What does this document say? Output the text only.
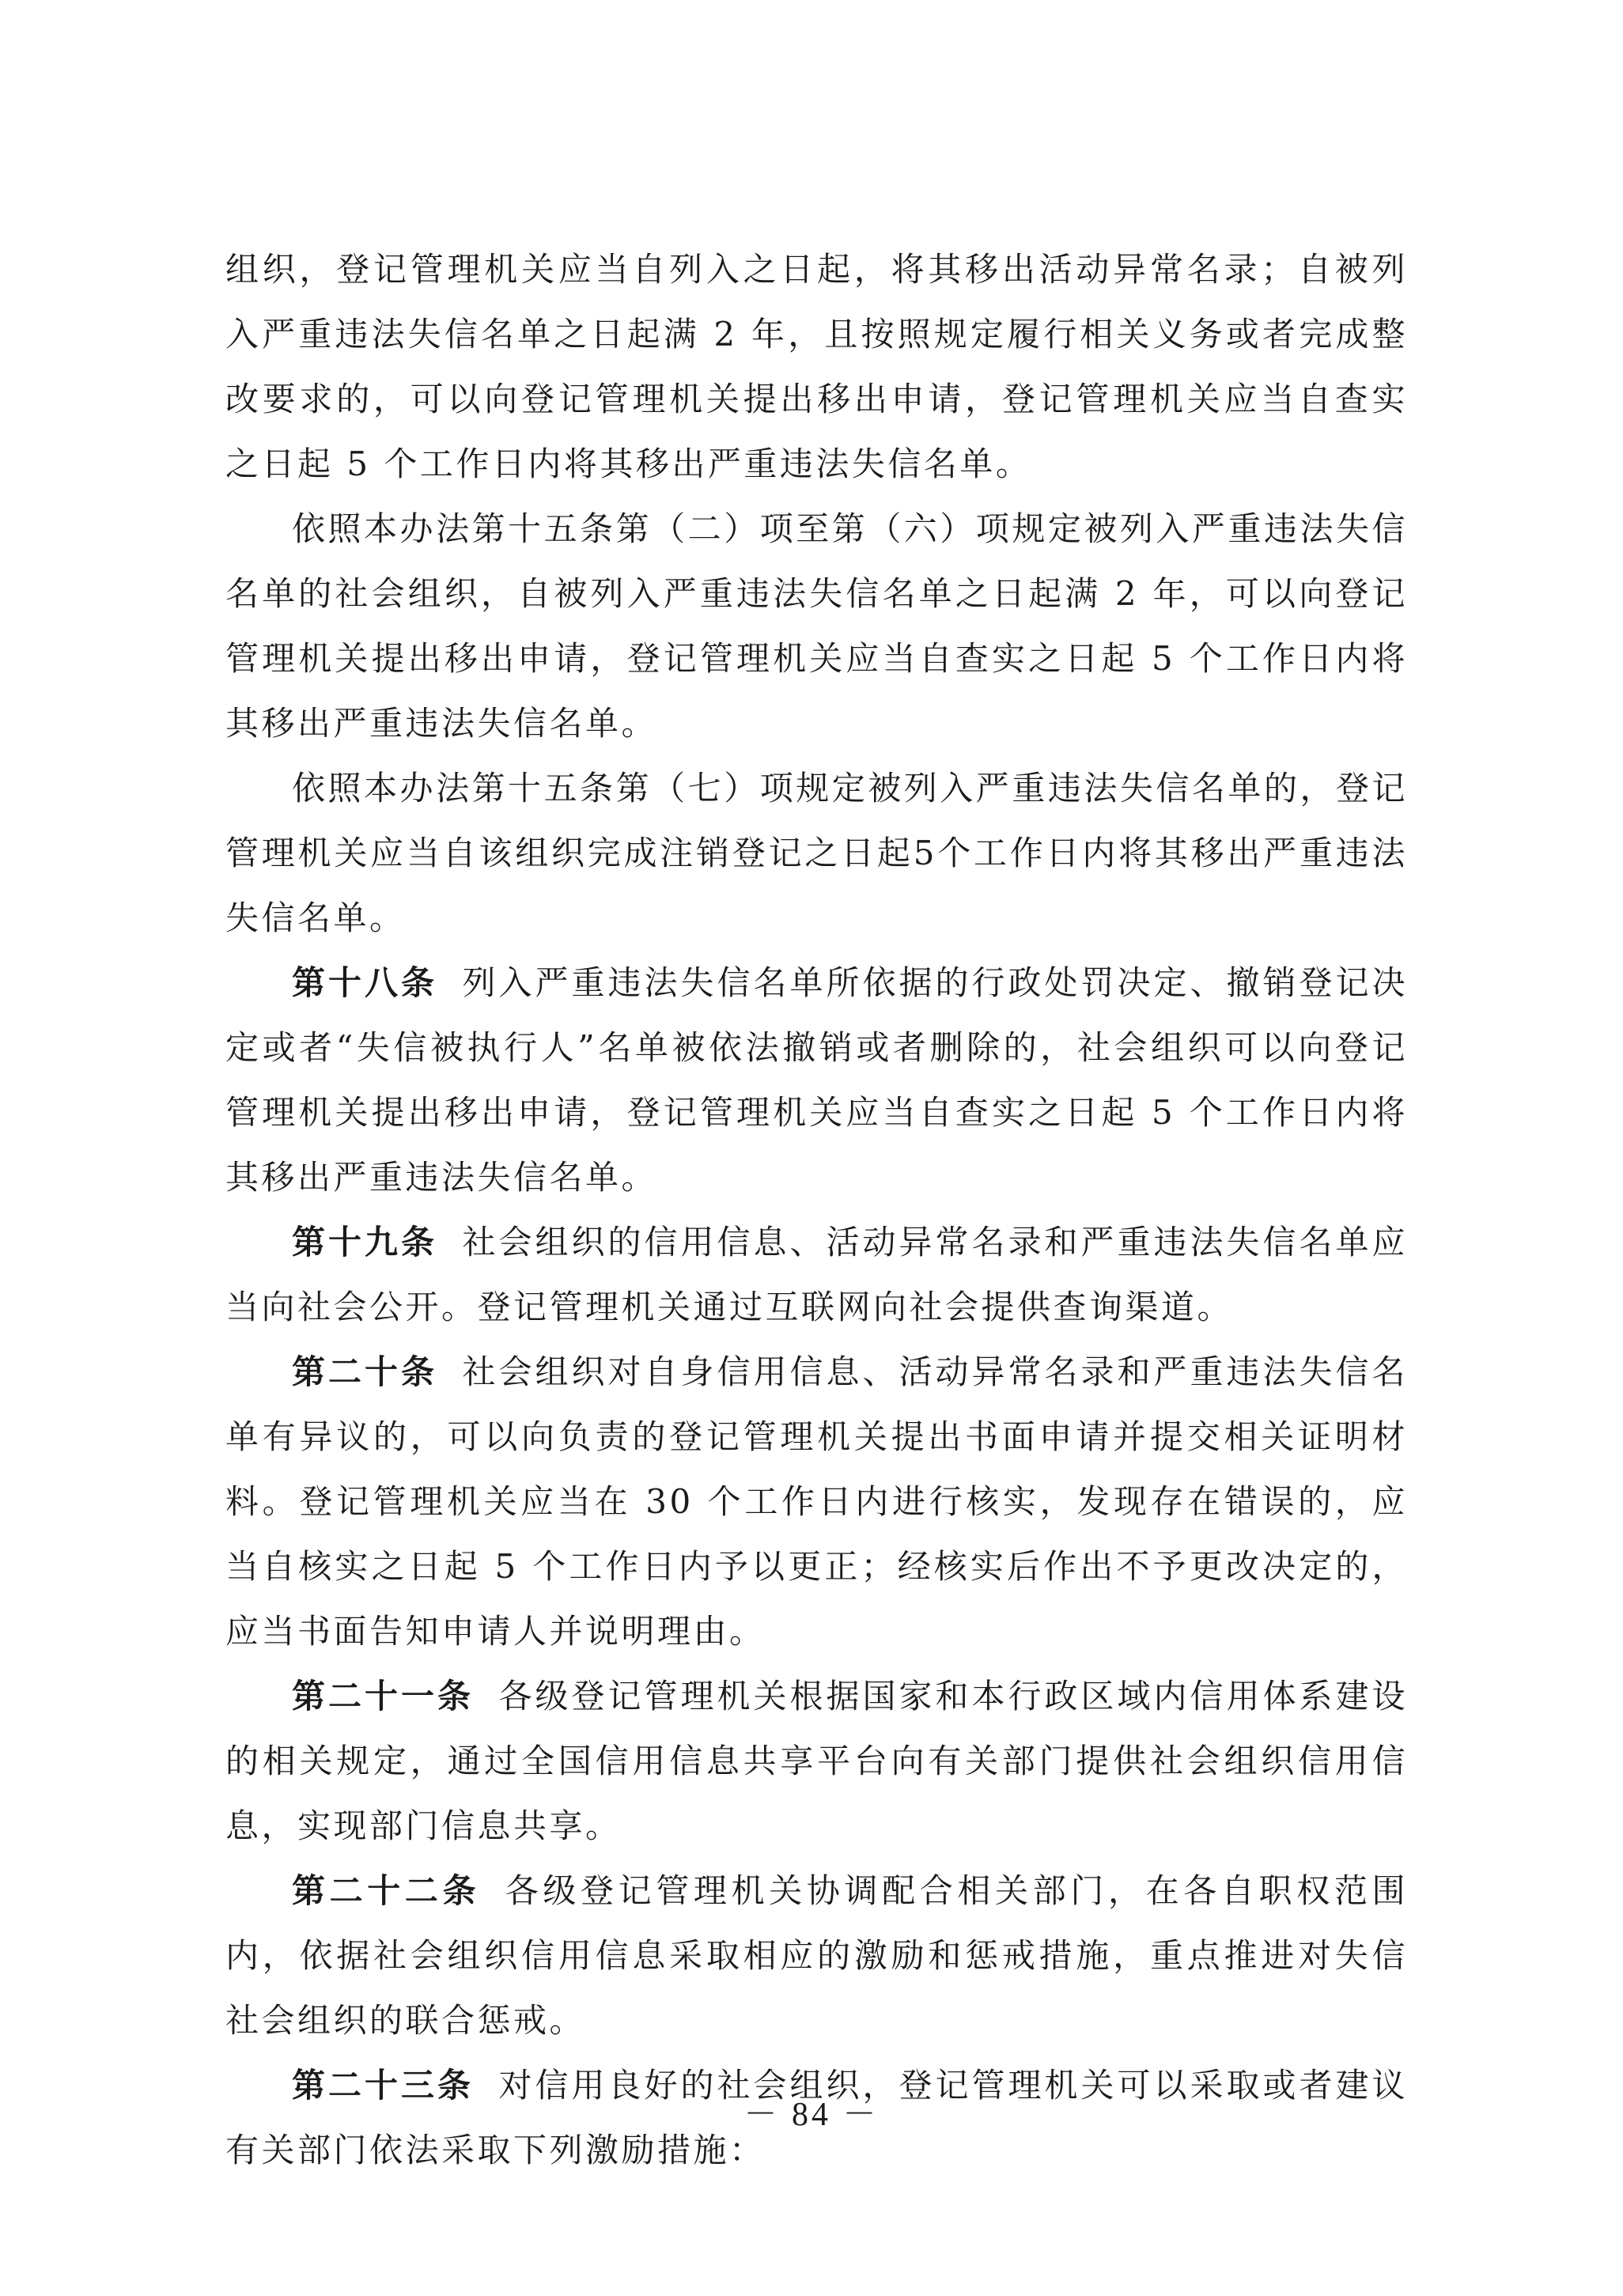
组织，登记管理机关应当自列入之日起，将其移出活动异常名录；自被列入严重违法失信名单之日起满 2 年，且按照规定履行相关义务或者完成整改要求的，可以向登记管理机关提出移出申请，登记管理机关应当自查实之日起 5 个工作日内将其移出严重违法失信名单。

依照本办法第十五条第（二）项至第（六）项规定被列入严重违法失信名单的社会组织，自被列入严重违法失信名单之日起满 2 年，可以向登记管理机关提出移出申请，登记管理机关应当自查实之日起 5 个工作日内将其移出严重违法失信名单。

依照本办法第十五条第（七）项规定被列入严重违法失信名单的，登记管理机关应当自该组织完成注销登记之日起5个工作日内将其移出严重违法失信名单。

第十八条 列入严重违法失信名单所依据的行政处罚决定、撤销登记决定或者“失信被执行人”名单被依法撤销或者删除的，社会组织可以向登记管理机关提出移出申请，登记管理机关应当自查实之日起 5 个工作日内将其移出严重违法失信名单。

第十九条 社会组织的信用信息、活动异常名录和严重违法失信名单应当向社会公开。登记管理机关通过互联网向社会提供查询渠道。

第二十条 社会组织对自身信用信息、活动异常名录和严重违法失信名单有异议的，可以向负责的登记管理机关提出书面申请并提交相关证明材料。登记管理机关应当在 30 个工作日内进行核实，发现存在错误的，应当自核实之日起 5 个工作日内予以更正；经核实后作出不予更改决定的，应当书面告知申请人并说明理由。

第二十一条 各级登记管理机关根据国家和本行政区域内信用体系建设的相关规定，通过全国信用信息共享平台向有关部门提供社会组织信用信息，实现部门信息共享。

第二十二条 各级登记管理机关协调配合相关部门，在各自职权范围内，依据社会组织信用信息采取相应的激励和惩戒措施，重点推进对失信社会组织的联合惩戒。

第二十三条 对信用良好的社会组织，登记管理机关可以采取或者建议有关部门依法采取下列激励措施：

－ 84 －
